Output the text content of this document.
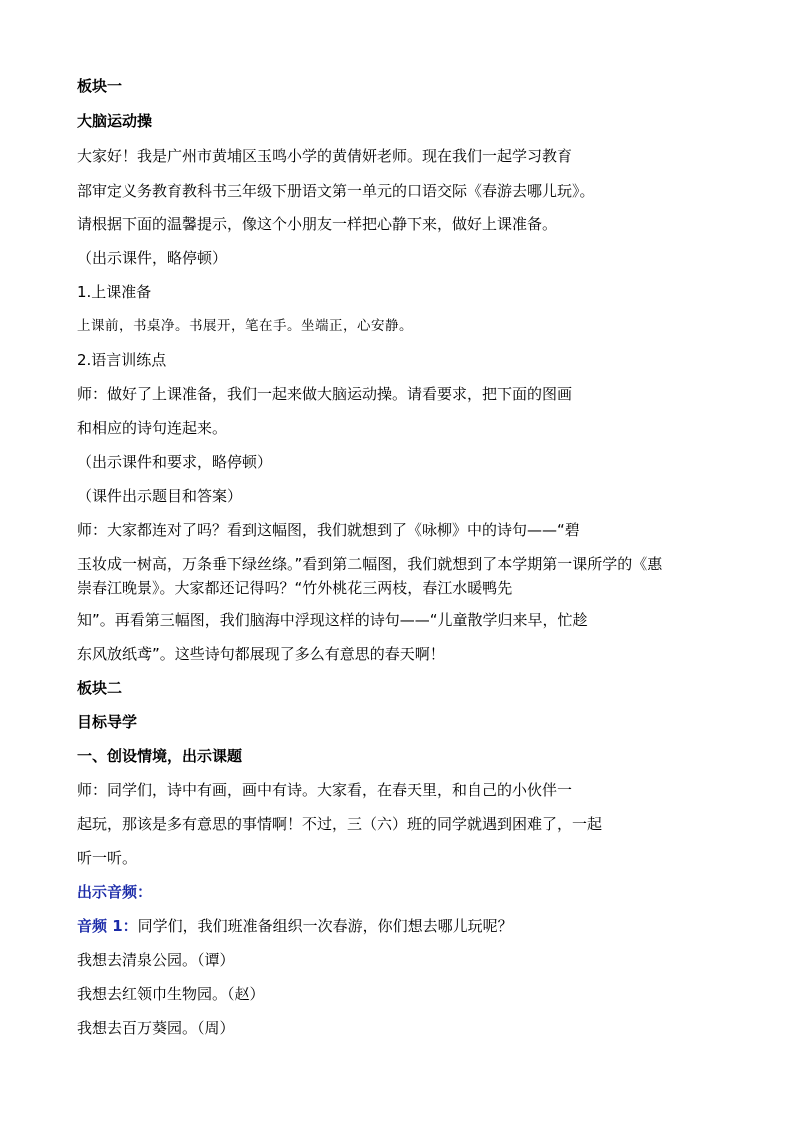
板块一
大脑运动操
大家好！我是广州市黄埔区玉鸣小学的黄倩妍老师。现在我们一起学习教育
部审定义务教育教科书三年级下册语文第一单元的口语交际《春游去哪儿玩》。
请根据下面的温馨提示，像这个小朋友一样把心静下来，做好上课准备。
（出示课件，略停顿）
1.上课准备
上课前，书桌净。书展开，笔在手。坐端正，心安静。
2.语言训练点
师：做好了上课准备，我们一起来做大脑运动操。请看要求，把下面的图画
和相应的诗句连起来。
（出示课件和要求，略停顿）
（课件出示题目和答案）
师：大家都连对了吗？看到这幅图，我们就想到了《咏柳》中的诗句——“碧
玉妆成一树高，万条垂下绿丝绦。”看到第二幅图，我们就想到了本学期第一课所学的《惠
崇春江晚景》。大家都还记得吗？“竹外桃花三两枝，春江水暖鸭先
知”。再看第三幅图，我们脑海中浮现这样的诗句——“儿童散学归来早，忙趁
东风放纸鸢”。这些诗句都展现了多么有意思的春天啊！
板块二
目标导学
一、创设情境，出示课题
师：同学们，诗中有画，画中有诗。大家看，在春天里，和自己的小伙伴一
起玩，那该是多有意思的事情啊！不过，三（六）班的同学就遇到困难了，一起
听一听。
出示音频：
音频 1：同学们，我们班准备组织一次春游，你们想去哪儿玩呢？
我想去清泉公园。（谭）
我想去红领巾生物园。（赵）
我想去百万葵园。（周）
